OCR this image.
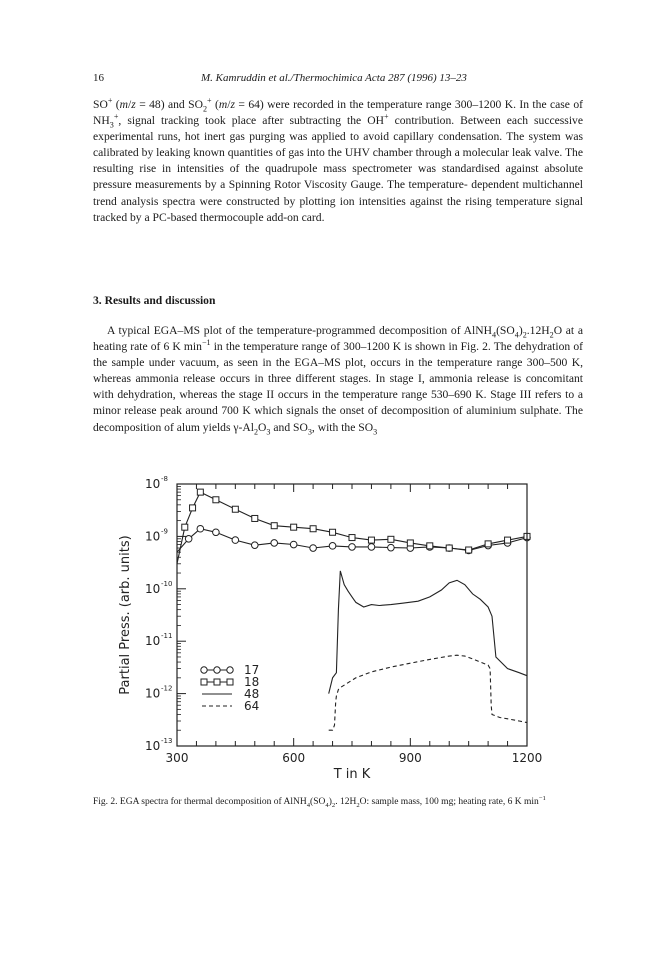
16	M. Kamruddin et al./Thermochimica Acta 287 (1996) 13–23

SO+ (m/z = 48) and $SO_2^+$ (m/z = 64) were recorded in the temperature range 300–1200 K. In the case of $NH_3^+$, signal tracking took place after subtracting the OH+ contribution. Between each successive experimental runs, hot inert gas purging was applied to avoid capillary condensation. The system was calibrated by leaking known quantities of gas into the UHV chamber through a molecular leak valve. The resulting rise in intensities of the quadrupole mass spectrometer was standardised against absolute pressure measurements by a Spinning Rotor Viscosity Gauge. The temperature- dependent multichannel trend analysis spectra were constructed by plotting ion intensities against the rising temperature signal tracked by a PC-based thermocouple add-on card.

3. Results and discussion

A typical EGA–MS plot of the temperature-programmed decomposition of $AlNH_4(SO_4)_2.12H_2O$ at a heating rate of 6 K $\min^{-1}$ in the temperature range of 300–1200 K is shown in Fig. 2. The dehydration of the sample under vacuum, as seen in the EGA–MS plot, occurs in the temperature range 300–500 K, whereas ammonia release occurs in three different stages. In stage I, ammonia release is concomitant with dehydration, whereas the stage II occurs in the temperature range 530–690 K. Stage III refers to a minor release peak around 700 K which signals the onset of decomposition of aluminium sulphate. The decomposition of alum yields $\gamma-Al_2O_3$ and $SO_3$, with the $SO_3$

300	600	900	1200
10 -8
10 -9
10 -10
10 -11
10 -12
10 -13
T in K
Partial Press. (arb. units)	17
18
48
64

Fig. 2. EGA spectra for thermal decomposition of $AlNH_4(SO_4)_2$. $12H_2O$: sample mass, 100 mg; heating rate, 6 K $\min^{-1}$
